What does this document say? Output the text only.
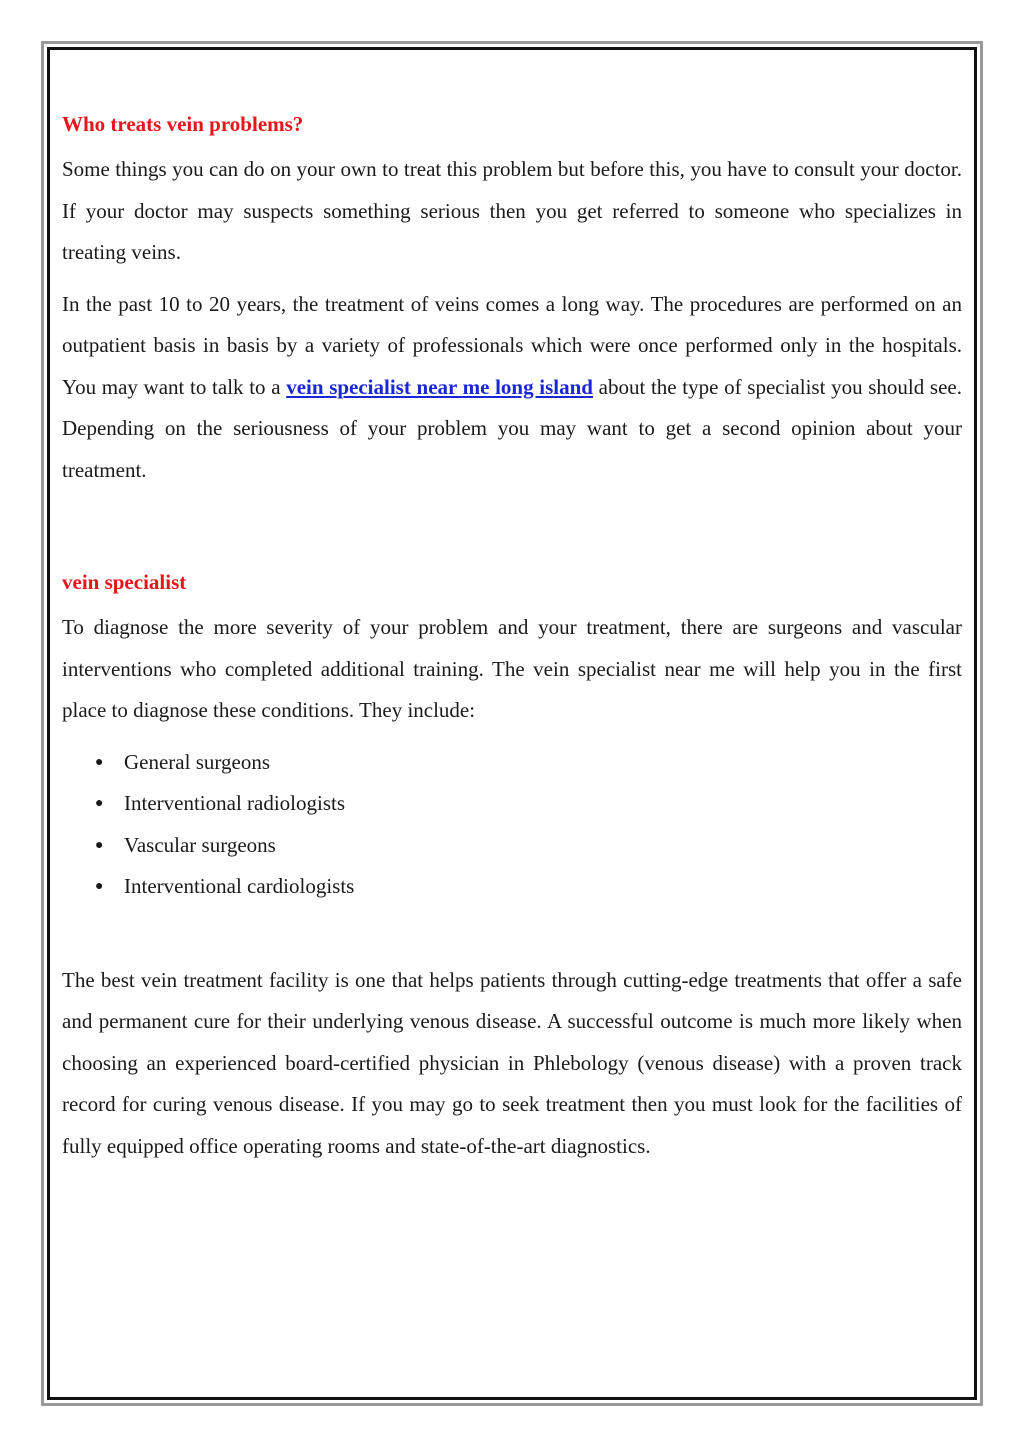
Who treats vein problems?

Some things you can do on your own to treat this problem but before this, you have to consult your doctor. If your doctor may suspects something serious then you get referred to someone who specializes in treating veins.

In the past 10 to 20 years, the treatment of veins comes a long way. The procedures are performed on an outpatient basis in basis by a variety of professionals which were once performed only in the hospitals. You may want to talk to a vein specialist near me long island about the type of specialist you should see. Depending on the seriousness of your problem you may want to get a second opinion about your treatment.

vein specialist

To diagnose the more severity of your problem and your treatment, there are surgeons and vascular interventions who completed additional training. The vein specialist near me will help you in the first place to diagnose these conditions. They include:

● General surgeons
● Interventional radiologists
● Vascular surgeons
● Interventional cardiologists

The best vein treatment facility is one that helps patients through cutting-edge treatments that offer a safe and permanent cure for their underlying venous disease. A successful outcome is much more likely when choosing an experienced board-certified physician in Phlebology (venous disease) with a proven track record for curing venous disease. If you may go to seek treatment then you must look for the facilities of fully equipped office operating rooms and state-of-the-art diagnostics.
